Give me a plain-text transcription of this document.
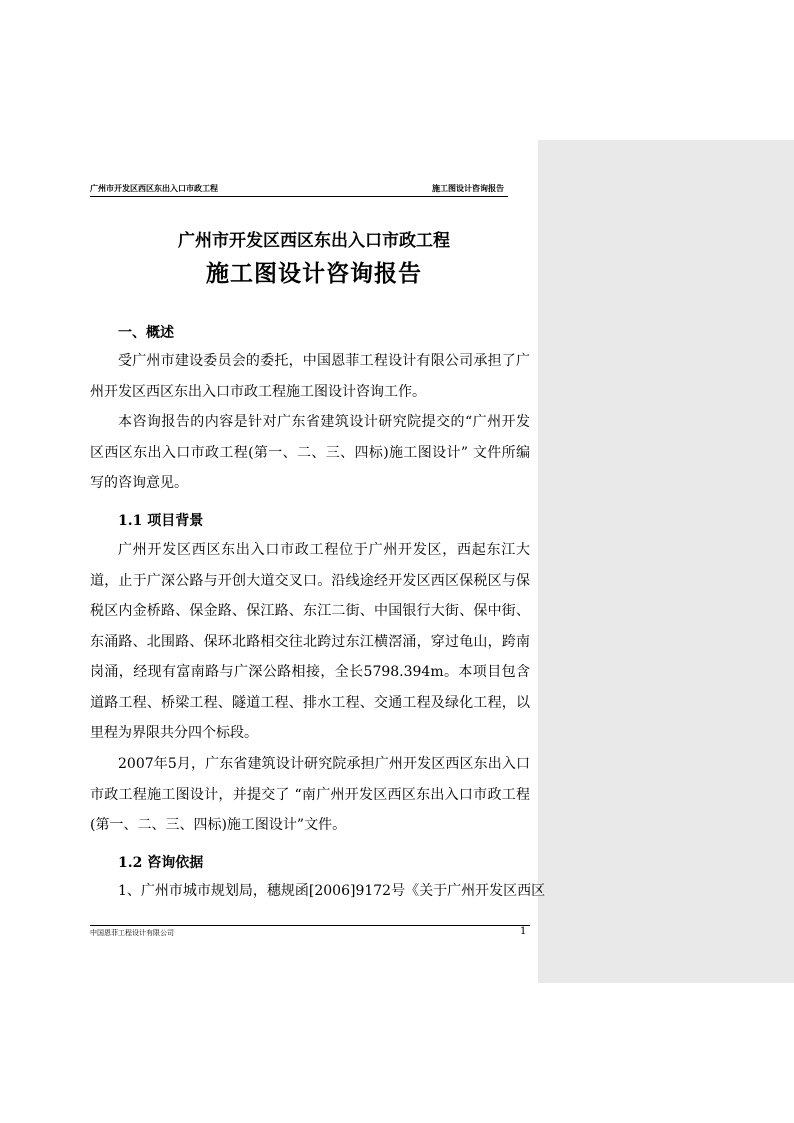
广州市开发区西区东出入口市政工程	施工图设计咨询报告
广州市开发区西区东出入口市政工程
施工图设计咨询报告
一、概述
受广州市建设委员会的委托，中国恩菲工程设计有限公司承担了广州开发区西区东出入口市政工程施工图设计咨询工作。
本咨询报告的内容是针对广东省建筑设计研究院提交的“广州开发区西区东出入口市政工程(第一、二、三、四标)施工图设计” 文件所编写的咨询意见。
1.1 项目背景
广州开发区西区东出入口市政工程位于广州开发区，西起东江大道，止于广深公路与开创大道交叉口。沿线途经开发区西区保税区与保税区内金桥路、保金路、保江路、东江二街、中国银行大街、保中街、东涌路、北围路、保环北路相交往北跨过东江横滘涌，穿过龟山，跨南岗涌，经现有富南路与广深公路相接，全长5798.394m。本项目包含道路工程、桥梁工程、隧道工程、排水工程、交通工程及绿化工程，以里程为界限共分四个标段。
2007年5月，广东省建筑设计研究院承担广州开发区西区东出入口市政工程施工图设计，并提交了 “南广州开发区西区东出入口市政工程(第一、二、三、四标)施工图设计”文件。
1.2 咨询依据
1、广州市城市规划局，穗规函[2006]9172号《关于广州开发区西区
中国恩菲工程设计有限公司	1
